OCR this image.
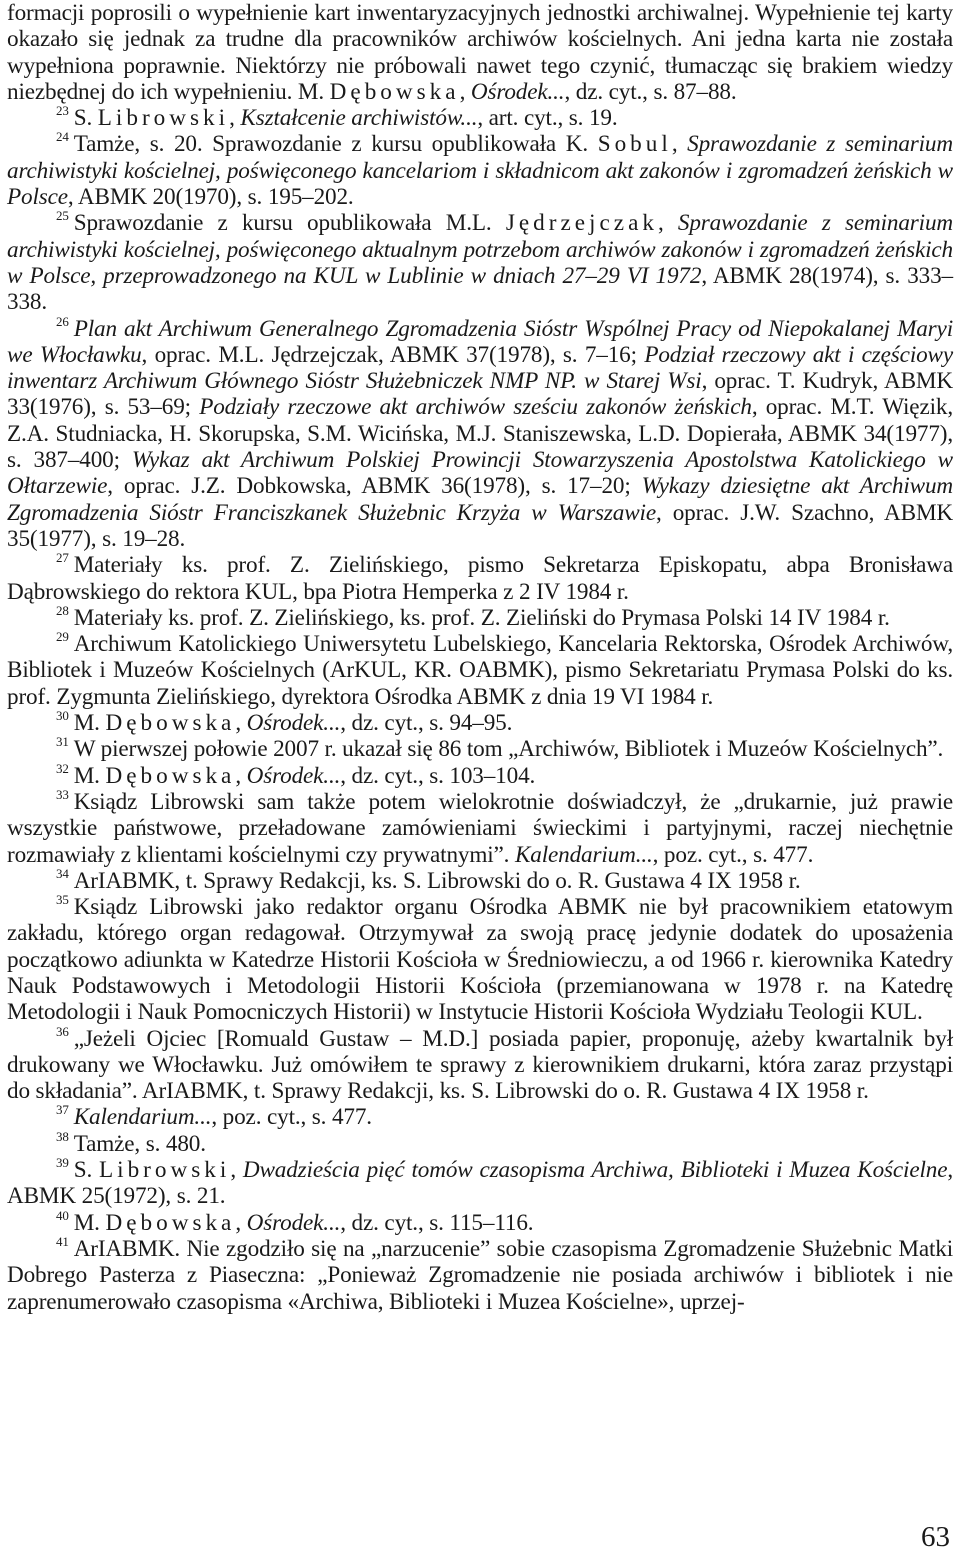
formacji poprosili o wypełnienie kart inwentaryzacyjnych jednostki archiwalnej. Wypełnienie tej karty okazało się jednak za trudne dla pracowników archiwów kościelnych. Ani jedna karta nie została wypełniona poprawnie. Niektórzy nie próbowali nawet tego czynić, tłumacząc się brakiem wiedzy niezbędnej do ich wypełnieniu. M. Dębowska, Ośrodek..., dz. cyt., s. 87–88.

$^{23}$ S. Librowski, Kształcenie archiwistów..., art. cyt., s. 19.

$^{24}$ Tamże, s. 20. Sprawozdanie z kursu opublikowała K. Sobul, Sprawozdanie z seminarium archiwistyki kościelnej, poświęconego kancelariom i składnicom akt zakonów i zgromadzeń żeńskich w Polsce, ABMK 20(1970), s. 195–202.

$^{25}$ Sprawozdanie z kursu opublikowała M.L. Jędrzejczak, Sprawozdanie z seminarium archiwistyki kościelnej, poświęconego aktualnym potrzebom archiwów zakonów i zgromadzeń żeńskich w Polsce, przeprowadzonego na KUL w Lublinie w dniach 27–29 VI 1972, ABMK 28(1974), s. 333–338.

$^{26}$ Plan akt Archiwum Generalnego Zgromadzenia Sióstr Wspólnej Pracy od Niepokalanej Maryi we Włocławku, oprac. M.L. Jędrzejczak, ABMK 37(1978), s. 7–16; Podział rzeczowy akt i częściowy inwentarz Archiwum Głównego Sióstr Służebniczek NMP NP. w Starej Wsi, oprac. T. Kudryk, ABMK 33(1976), s. 53–69; Podziały rzeczowe akt archiwów sześciu zakonów żeńskich, oprac. M.T. Więzik, Z.A. Studniacka, H. Skorupska, S.M. Wicińska, M.J. Staniszewska, L.D. Dopierała, ABMK 34(1977), s. 387–400; Wykaz akt Archiwum Polskiej Prowincji Stowarzyszenia Apostolstwa Katolickiego w Ołtarzewie, oprac. J.Z. Dobkowska, ABMK 36(1978), s. 17–20; Wykazy dziesiętne akt Archiwum Zgromadzenia Sióstr Franciszkanek Służebnic Krzyża w Warszawie, oprac. J.W. Szachno, ABMK 35(1977), s. 19–28.

$^{27}$ Materiały ks. prof. Z. Zielińskiego, pismo Sekretarza Episkopatu, abpa Bronisława Dąbrowskiego do rektora KUL, bpa Piotra Hemperka z 2 IV 1984 r.

$^{28}$ Materiały ks. prof. Z. Zielińskiego, ks. prof. Z. Zieliński do Prymasa Polski 14 IV 1984 r.

$^{29}$ Archiwum Katolickiego Uniwersytetu Lubelskiego, Kancelaria Rektorska, Ośrodek Archiwów, Bibliotek i Muzeów Kościelnych (ArKUL, KR. OABMK), pismo Sekretariatu Prymasa Polski do ks. prof. Zygmunta Zielińskiego, dyrektora Ośrodka ABMK z dnia 19 VI 1984 r.

$^{30}$ M. Dębowska, Ośrodek..., dz. cyt., s. 94–95.

$^{31}$ W pierwszej połowie 2007 r. ukazał się 86 tom „Archiwów, Bibliotek i Muzeów Kościelnych”.

$^{32}$ M. Dębowska, Ośrodek..., dz. cyt., s. 103–104.

$^{33}$ Ksiądz Librowski sam także potem wielokrotnie doświadczył, że „drukarnie, już prawie wszystkie państwowe, przeładowane zamówieniami świeckimi i partyjnymi, raczej niechętnie rozmawiały z klientami kościelnymi czy prywatnymi”. Kalendarium..., poz. cyt., s. 477.

$^{34}$ ArIABMK, t. Sprawy Redakcji, ks. S. Librowski do o. R. Gustawa 4 IX 1958 r.

$^{35}$ Ksiądz Librowski jako redaktor organu Ośrodka ABMK nie był pracownikiem etatowym zakładu, którego organ redagował. Otrzymywał za swoją pracę jedynie dodatek do uposażenia początkowo adiunkta w Katedrze Historii Kościoła w Średniowieczu, a od 1966 r. kierownika Katedry Nauk Podstawowych i Metodologii Historii Kościoła (przemianowana w 1978 r. na Katedrę Metodologii i Nauk Pomocniczych Historii) w Instytucie Historii Kościoła Wydziału Teologii KUL.

$^{36}$ „Jeżeli Ojciec [Romuald Gustaw – M.D.] posiada papier, proponuję, ażeby kwartalnik był drukowany we Włocławku. Już omówiłem te sprawy z kierownikiem drukarni, która zaraz przystąpi do składania”. ArIABMK, t. Sprawy Redakcji, ks. S. Librowski do o. R. Gustawa 4 IX 1958 r.

$^{37}$ Kalendarium..., poz. cyt., s. 477.

$^{38}$ Tamże, s. 480.

$^{39}$ S. Librowski, Dwadzieścia pięć tomów czasopisma Archiwa, Biblioteki i Muzea Kościelne, ABMK 25(1972), s. 21.

$^{40}$ M. Dębowska, Ośrodek..., dz. cyt., s. 115–116.

$^{41}$ ArIABMK. Nie zgodziło się na „narzucenie” sobie czasopisma Zgromadzenie Służebnic Matki Dobrego Pasterza z Piaseczna: „Ponieważ Zgromadzenie nie posiada archiwów i bibliotek i nie zaprenumerowało czasopisma «Archiwa, Biblioteki i Muzea Kościelne», uprzej-

63
